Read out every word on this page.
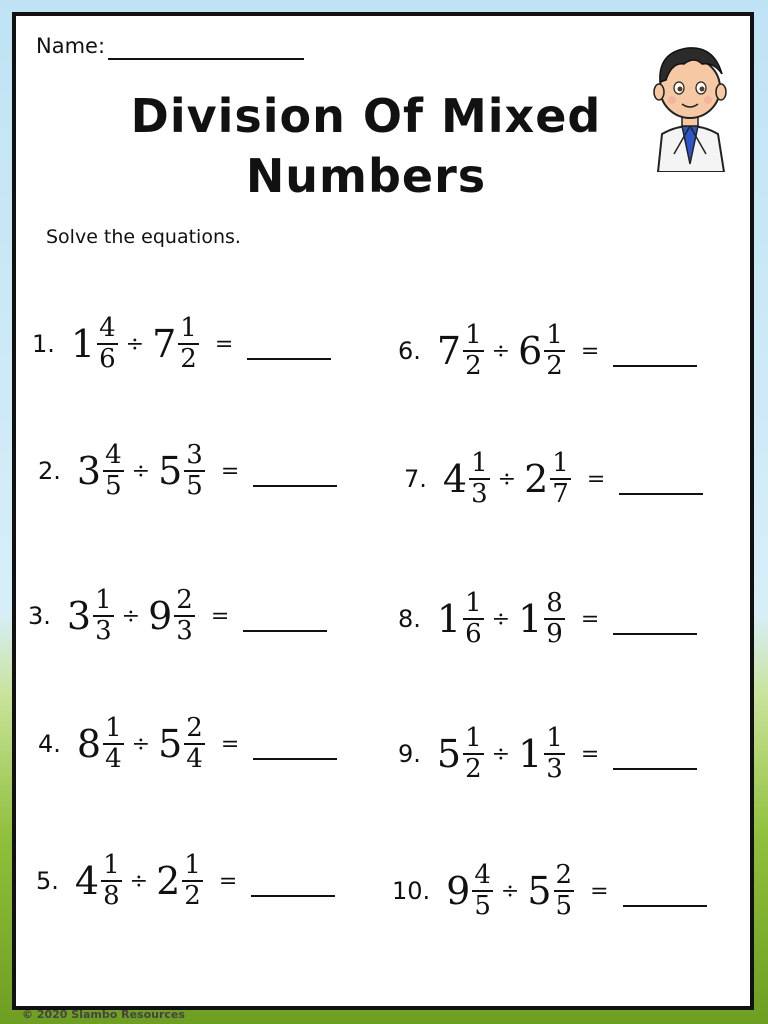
Name:
Division Of Mixed
Numbers
Solve the equations.
1. $1 \frac{4}{6} \div 7 \frac{1}{2}$ =
2. $3 \frac{4}{5} \div 5 \frac{3}{5}$ =
3. $3 \frac{1}{3} \div 9 \frac{2}{3}$ =
4. $8 \frac{1}{4} \div 5 \frac{2}{4}$ =
5. $4 \frac{1}{8} \div 2 \frac{1}{2}$ =
6. $7 \frac{1}{2} \div 6 \frac{1}{2}$ =
7. $4 \frac{1}{3} \div 2 \frac{1}{7}$ =
8. $1 \frac{1}{6} \div 1 \frac{8}{9}$ =
9. $5 \frac{1}{2} \div 1 \frac{1}{3}$ =
10. $9 \frac{4}{5} \div 5 \frac{2}{5}$ =
© 2020 Slambo Resources
